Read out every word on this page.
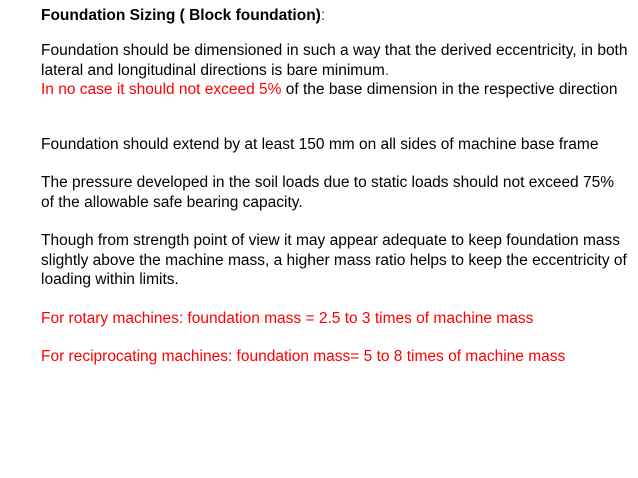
Foundation Sizing ( Block foundation):

Foundation should be dimensioned in such a way that the derived eccentricity, in both lateral and longitudinal directions is bare minimum.

In no case it should not exceed 5% of the base dimension in the respective direction

Foundation should extend by at least 150 mm on all sides of machine base frame

The pressure developed in the soil loads due to static loads should not exceed 75% of the allowable safe bearing capacity.

Though from strength point of view it may appear adequate to keep foundation mass slightly above the machine mass, a higher mass ratio helps to keep the eccentricity of loading within limits.

For rotary machines: foundation mass = 2.5 to 3 times of machine mass

For reciprocating machines: foundation mass= 5 to 8 times of machine mass
